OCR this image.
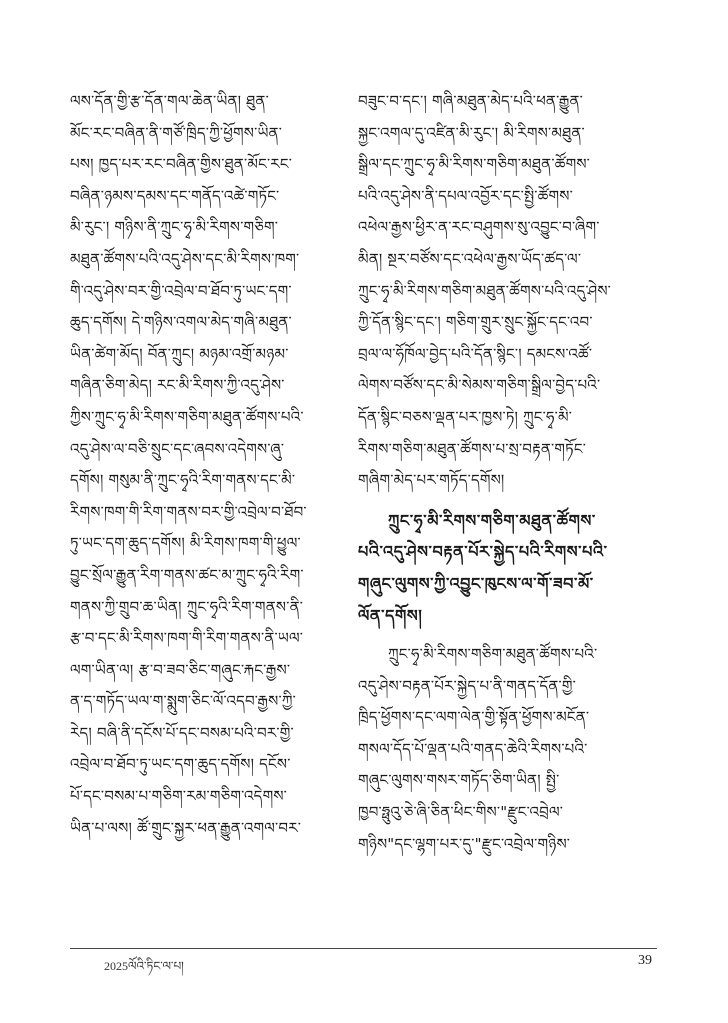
ལས་དོན་གྱི་རྩ་དོན་གལ་ཆེན་ཡིན། ཐུན་
མོང་རང་བཞིན་ནི་གཙོ་ཁྲིད་ཀྱི་ཕྱོགས་ཡིན་
པས། ཁྱད་པར་རང་བཞིན་གྱིས་ཐུན་མོང་རང་
བཞིན་ཉམས་དམས་དང་གནོད་འཚེ་གཏོང་
མི་རུང་། གཉིས་ནི་ཀྲུང་ཧྭ་མི་རིགས་གཅིག་
མཐུན་ཚོགས་པའི་འདུ་ཤེས་དང་མི་རིགས་ཁག་
གི་འདུ་ཤེས་བར་གྱི་འབྲེལ་བ་ཐོབ་ཏུ་ཡང་དག་
ཆུད་དགོས། དེ་གཉིས་འགལ་མེད་གཞི་མཐུན་
ཡིན་ཚེག་མོད། བོན་ཀྲུང། མཉམ་འགྲོ་མཉམ་
གཞིན་ཅིག་མེད། རང་མི་རིགས་ཀྱི་འདུ་ཤེས་
ཀྱིས་ཀྲུང་ཧྭ་མི་རིགས་གཅིག་མཐུན་ཚོགས་པའི་
འདུ་ཤེས་ལ་བཅི་སྲུང་དང་ཞབས་འདེགས་ཞུ་
དགོས། གསུམ་ནི་ཀྲུང་ཧྭའི་རིག་གནས་དང་མི་
རིགས་ཁག་གི་རིག་གནས་བར་གྱི་འབྲེལ་བ་ཐོབ་
ཏུ་ཡང་དག་ཆུད་དགོས། མི་རིགས་ཁག་གི་ཕྱུལ་
བྱུང་སྲོལ་རྒྱུན་རིག་གནས་ཚང་མ་ཀྲུང་ཧྭའི་རིག་
གནས་ཀྱི་གྲུབ་ཆ་ཡིན། ཀྲུང་ཧྭའི་རིག་གནས་ནི་
རྩ་བ་དང་མི་རིགས་ཁག་གི་རིག་གནས་ནི་ཡལ་
ལག་ཡིན་ལ། རྩ་བ་ཟབ་ཅིང་གཞུང་རྐང་རྒྱས་
ན་ད་གཏོད་ཡལ་ག་སྨུག་ཅིང་ལོ་འདབ་རྒྱས་ཀྱི་
རེད། བཞི་ནི་དངོས་པོ་དང་བསམ་པའི་བར་གྱི་
འབྲེལ་བ་ཐོབ་ཏུ་ཡང་དག་ཆུད་དགོས། དངོས་
པོ་དང་བསམ་པ་གཅིག་རམ་གཅིག་འདེགས་
ཡིན་པ་ལས། ཚོ་གྲུང་སྐྱར་ཕན་རྒྱུན་འགལ་བར་
བཟུང་བ་དང་། གཞི་མཐུན་མེད་པའི་ཕན་རྒྱུན་
སྐྱང་འགལ་དུ་འཛིན་མི་རུང་། མི་རིགས་མཐུན་
སྒྲིལ་དང་ཀྲུང་ཧྭ་མི་རིགས་གཅིག་མཐུན་ཚོགས་
པའི་འདུ་ཤེས་ནི་དཔལ་འབྱོར་དང་སྤྱི་ཚོགས་
འཕེལ་རྒྱས་ཕྱིར་ན་རང་བཤུགས་སུ་འབྱུང་བ་ཞིག་
མིན། སྔར་བཙོས་དང་འཕེལ་རྒྱས་ཡོད་ཚད་ལ་
ཀྲུང་ཧྭ་མི་རིགས་གཅིག་མཐུན་ཚོགས་པའི་འདུ་ཤེས་
ཀྱི་དོན་སྙིང་དང་། གཅིག་གྲུར་སྲུང་སྐྱོང་དང་འབ་
བྲལ་ལ་ཧོཁོལ་བྱེད་པའི་དོན་སྙིང་། དམངས་འཚོ་
ལེགས་བཙོས་དང་མི་སེམས་གཅིག་སྒྲིལ་བྱེད་པའི་
དོན་སྙིང་བཅས་ལྡན་པར་ཁྱས་ཏེ། ཀྲུང་ཧྭ་མི་
རིགས་གཅིག་མཐུན་ཚོགས་པ་སྲ་བརྟན་གཏོང་
གཞིག་མེད་པར་གཏོད་དགོས།
ཀྲུང་ཧྭ་མི་རིགས་གཅིག་མཐུན་ཚོགས་
པའི་འདུ་ཤེས་བརྟན་པོར་སྐྱེད་པའི་རིགས་པའི་
གཞུང་ལུགས་ཀྱི་འབྱུང་ཁུངས་ལ་གོ་ཟབ་མོ་
ལོན་དགོས།
ཀྲུང་ཧྭ་མི་རིགས་གཅིག་མཐུན་ཚོགས་པའི་
འདུ་ཤེས་བརྟན་པོར་སྐྱེད་པ་ནི་གནད་དོན་གྱི་
ཁྲིད་ཕྱོགས་དང་ལག་ལེན་གྱི་སྟོན་ཕྱོགས་མངོན་
གསལ་དོད་པོ་ལྡན་པའི་གནད་ཆེའི་རིགས་པའི་
གཞུང་ལུགས་གསར་གཏོད་ཅིག་ཡིན། སྤྱི་
ཁྱབ་ཧྥུའུ་ཅེ་ཞི་ཅིན་ཕིང་གིས་"རྫུང་འབྲེལ་
གཉིས"དང་ལྷག་པར་དུ་"རྫུང་འབྲེལ་གཉིས་
2025ལོའི་ཏིང་ལ་པ།	39
